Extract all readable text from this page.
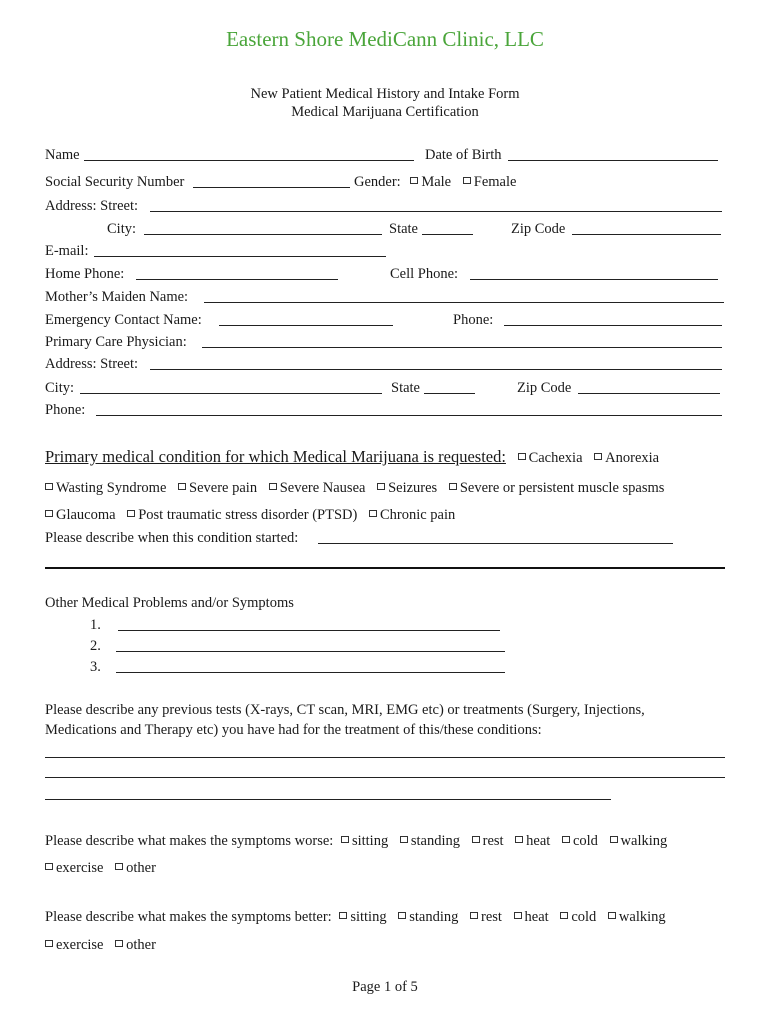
Eastern Shore MediCann Clinic, LLC
New Patient Medical History and Intake Form
Medical Marijuana Certification
Name	Date of Birth
Social Security Number	Gender: Male Female
Address: Street:
City:	State	Zip Code
E-mail:
Home Phone:	Cell Phone:
Mother’s Maiden Name:
Emergency Contact Name:	Phone:
Primary Care Physician:
Address: Street:
City:	State	Zip Code
Phone:
Primary medical condition for which Medical Marijuana is requested: Cachexia Anorexia
Wasting Syndrome Severe pain Severe Nausea Seizures Severe or persistent muscle spasms
Glaucoma Post traumatic stress disorder (PTSD) Chronic pain
Please describe when this condition started:
Other Medical Problems and/or Symptoms
1.
2.
3.
Please describe any previous tests (X-rays, CT scan, MRI, EMG etc) or treatments (Surgery, Injections,
Medications and Therapy etc) you have had for the treatment of this/these conditions:
Please describe what makes the symptoms worse: sitting standing rest heat cold walking
exercise other
Please describe what makes the symptoms better: sitting standing rest heat cold walking
exercise other
Page 1 of 5
